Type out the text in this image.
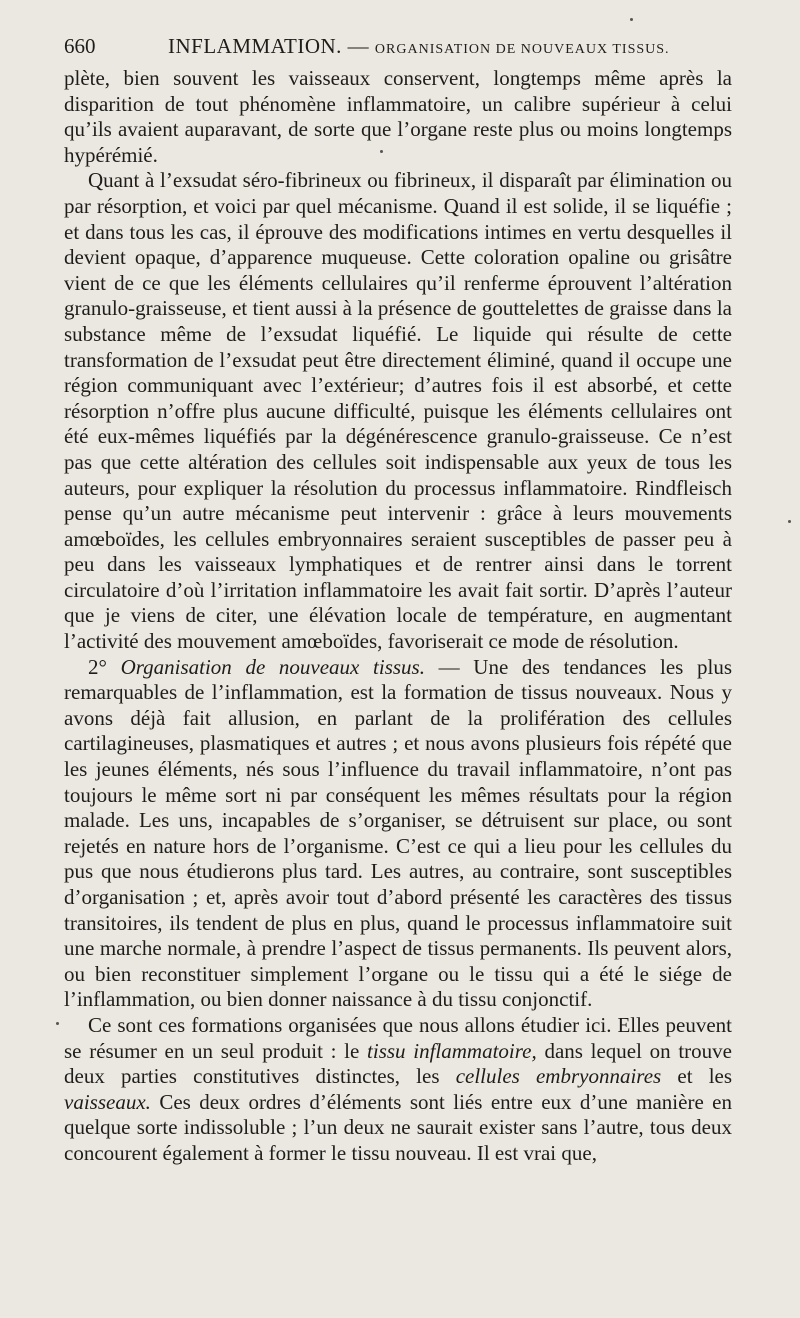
660	INFLAMMATION. — ORGANISATION DE NOUVEAUX TISSUS.

plète, bien souvent les vaisseaux conservent, longtemps même après la disparition de tout phénomène inflammatoire, un calibre supérieur à celui qu’ils avaient auparavant, de sorte que l’organe reste plus ou moins longtemps hypérémié.

Quant à l’exsudat séro-fibrineux ou fibrineux, il disparaît par élimination ou par résorption, et voici par quel mécanisme. Quand il est solide, il se liquéfie ; et dans tous les cas, il éprouve des modifications intimes en vertu desquelles il devient opaque, d’apparence muqueuse. Cette coloration opaline ou grisâtre vient de ce que les éléments cellulaires qu’il renferme éprouvent l’altération granulo-graisseuse, et tient aussi à la présence de gouttelettes de graisse dans la substance même de l’exsudat liquéfié. Le liquide qui résulte de cette transformation de l’exsudat peut être directement éliminé, quand il occupe une région communiquant avec l’extérieur; d’autres fois il est absorbé, et cette résorption n’offre plus aucune difficulté, puisque les éléments cellulaires ont été eux-mêmes liquéfiés par la dégénérescence granulo-graisseuse. Ce n’est pas que cette altération des cellules soit indispensable aux yeux de tous les auteurs, pour expliquer la résolution du processus inflammatoire. Rindfleisch pense qu’un autre mécanisme peut intervenir : grâce à leurs mouvements amœboïdes, les cellules embryonnaires seraient susceptibles de passer peu à peu dans les vaisseaux lymphatiques et de rentrer ainsi dans le torrent circulatoire d’où l’irritation inflammatoire les avait fait sortir. D’après l’auteur que je viens de citer, une élévation locale de température, en augmentant l’activité des mouvement amœboïdes, favoriserait ce mode de résolution.

2° Organisation de nouveaux tissus. — Une des tendances les plus remarquables de l’inflammation, est la formation de tissus nouveaux. Nous y avons déjà fait allusion, en parlant de la prolifération des cellules cartilagineuses, plasmatiques et autres ; et nous avons plusieurs fois répété que les jeunes éléments, nés sous l’influence du travail inflammatoire, n’ont pas toujours le même sort ni par conséquent les mêmes résultats pour la région malade. Les uns, incapables de s’organiser, se détruisent sur place, ou sont rejetés en nature hors de l’organisme. C’est ce qui a lieu pour les cellules du pus que nous étudierons plus tard. Les autres, au contraire, sont susceptibles d’organisation ; et, après avoir tout d’abord présenté les caractères des tissus transitoires, ils tendent de plus en plus, quand le processus inflammatoire suit une marche normale, à prendre l’aspect de tissus permanents. Ils peuvent alors, ou bien reconstituer simplement l’organe ou le tissu qui a été le siége de l’inflammation, ou bien donner naissance à du tissu conjonctif.

Ce sont ces formations organisées que nous allons étudier ici. Elles peuvent se résumer en un seul produit : le tissu inflammatoire, dans lequel on trouve deux parties constitutives distinctes, les cellules embryonnaires et les vaisseaux. Ces deux ordres d’éléments sont liés entre eux d’une manière en quelque sorte indissoluble ; l’un deux ne saurait exister sans l’autre, tous deux concourent également à former le tissu nouveau. Il est vrai que,
